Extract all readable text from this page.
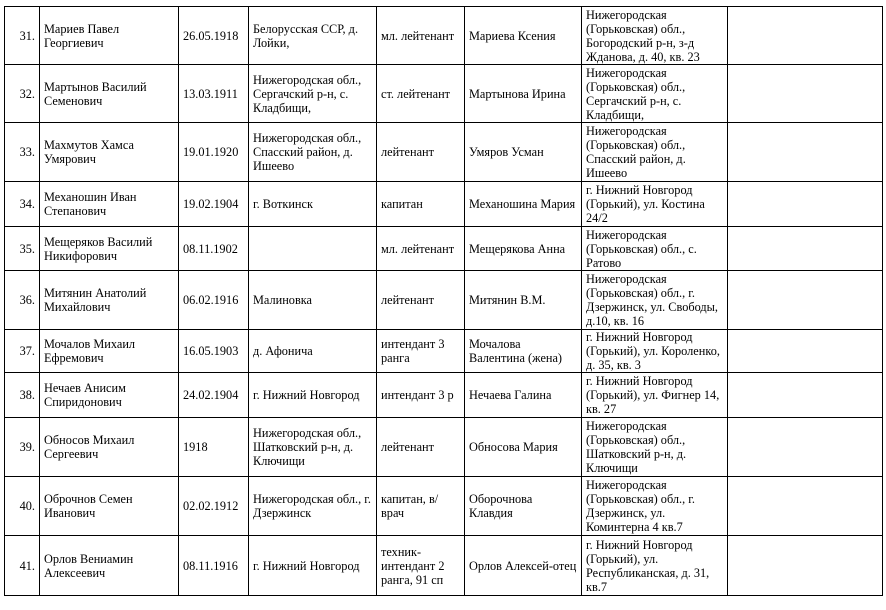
31.	Мариев Павел Георгиевич	26.05.1918	Белорусская ССР, д. Лойки,	мл. лейтенант	Мариева Ксения	Нижегородская (Горьковская) обл., Богородский р-н, з-д Жданова, д. 40, кв. 23	
32.	Мартынов Василий Семенович	13.03.1911	Нижегородская обл., Сергачский р-н, с. Кладбищи,	ст. лейтенант	Мартынова Ирина	Нижегородская (Горьковская) обл., Сергачский р-н, с. Кладбищи,	
33.	Махмутов Хамса Умярович	19.01.1920	Нижегородская обл., Спасский район, д. Ишеево	лейтенант	Умяров Усман	Нижегородская (Горьковская) обл., Спасский район, д. Ишеево	
34.	Механошин Иван Степанович	19.02.1904	г. Воткинск	капитан	Механошина Мария	г. Нижний Новгород (Горький), ул. Костина 24/2	
35.	Мещеряков Василий Никифорович	08.11.1902		мл. лейтенант	Мещерякова Анна	Нижегородская (Горьковская) обл., с. Ратово	
36.	Митянин Анатолий Михайлович	06.02.1916	Малиновка	лейтенант	Митянин В.М.	Нижегородская (Горьковская) обл., г. Дзержинск, ул. Свободы, д.10, кв. 16	
37.	Мочалов Михаил Ефремович	16.05.1903	д. Афонича	интендант 3 ранга	Мочалова Валентина (жена)	г. Нижний Новгород (Горький), ул. Короленко, д. 35, кв. 3	
38.	Нечаев Анисим Спиридонович	24.02.1904	г. Нижний Новгород	интендант 3 р	Нечаева Галина	г. Нижний Новгород (Горький), ул. Фигнер 14, кв. 27	
39.	Обносов Михаил Сергеевич	1918	Нижегородская обл., Шатковский р-н, д. Ключищи	лейтенант	Обносова Мария	Нижегородская (Горьковская) обл., Шатковский р-н, д. Ключищи	
40.	Оброчнов Семен Иванович	02.02.1912	Нижегородская обл., г. Дзержинск	капитан, в/врач	Оборочнова Клавдия	Нижегородская (Горьковская) обл., г. Дзержинск, ул. Коминтерна 4 кв.7	
41.	Орлов Вениамин Алексеевич	08.11.1916	г. Нижний Новгород	техник-интендант 2 ранга, 91 сп	Орлов Алексей-отец	г. Нижний Новгород (Горький), ул. Республиканская, д. 31, кв.7	
